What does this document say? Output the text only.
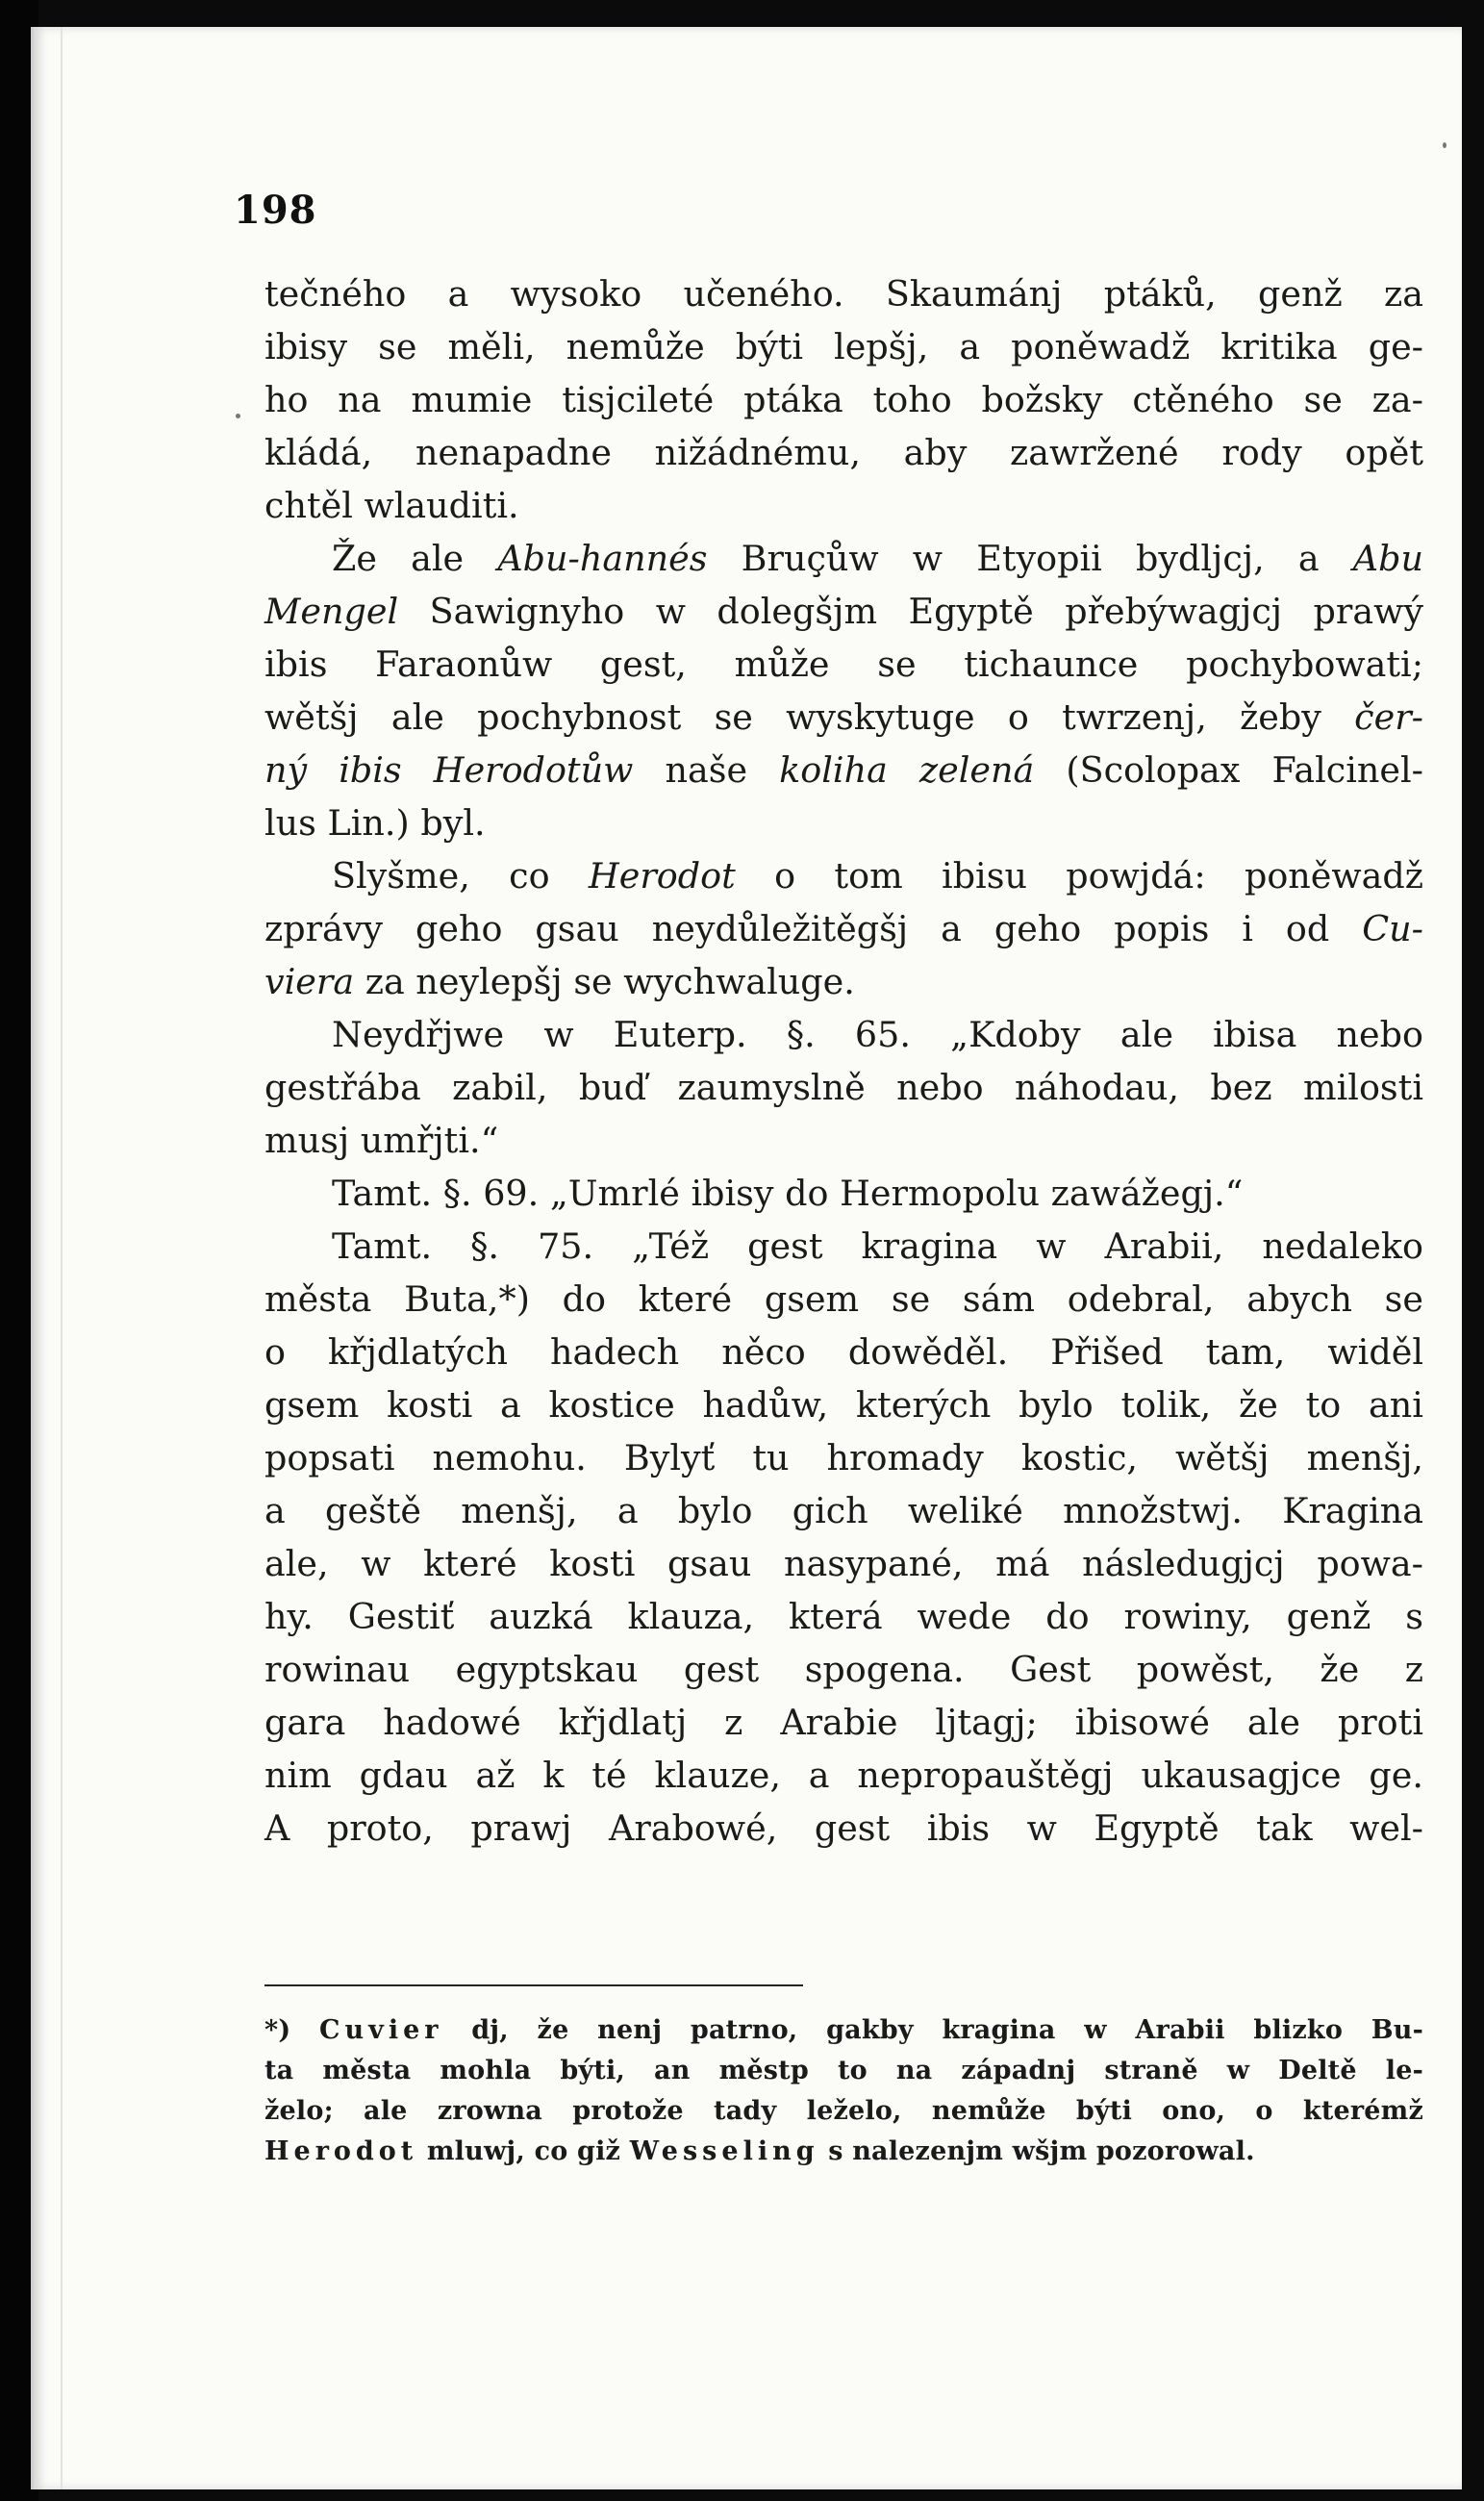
198

tečného a wysoko učeného. Skaumánj ptáků, genž za
ibisy se měli, nemůže býti lepšj, a poněwadž kritika ge-
ho na mumie tisjcileté ptáka toho božsky ctěného se za-
kládá, nenapadne nižádnému, aby zawržené rody opět
chtěl wlauditi.

Že ale Abu-hannés Bruçůw w Etyopii bydljcj, a Abu
Mengel Sawignyho w dolegšjm Egyptě přebýwagjcj prawý
ibis Faraonůw gest, může se tichaunce pochybowati;
wětšj ale pochybnost se wyskytuge o twrzenj, žeby čer-
ný ibis Herodotůw naše koliha zelená (Scolopax Falcinel-
lus Lin.) byl.

Slyšme, co Herodot o tom ibisu powjdá: poněwadž
zprávy geho gsau neydůležitěgšj a geho popis i od Cu-
viera za neylepšj se wychwaluge.

Neydřjwe w Euterp. §. 65. „Kdoby ale ibisa nebo
gestřába zabil, buď zaumyslně nebo náhodau, bez milosti
musj umřjti.“

Tamt. §. 69. „Umrlé ibisy do Hermopolu zawážegj.“

Tamt. §. 75. „Též gest kragina w Arabii, nedaleko
města Buta,*) do které gsem se sám odebral, abych se
o křjdlatých hadech něco dowěděl. Přišed tam, widěl
gsem kosti a kostice hadůw, kterých bylo tolik, že to ani
popsati nemohu. Bylyť tu hromady kostic, wětšj menšj,
a geště menšj, a bylo gich weliké množstwj. Kragina
ale, w které kosti gsau nasypané, má následugjcj powa-
hy. Gestiť auzká klauza, která wede do rowiny, genž s
rowinau egyptskau gest spogena. Gest powěst, že z
gara hadowé křjdlatj z Arabie ljtagj; ibisowé ale proti
nim gdau až k té klauze, a nepropauštěgj ukausagjce ge.
A proto, prawj Arabowé, gest ibis w Egyptě tak wel-

*) Cuvier dj, že nenj patrno, gakby kragina w Arabii blizko Bu-
ta města mohla býti, an městp to na západnj straně w Deltě le-
želo; ale zrowna protože tady leželo, nemůže býti ono, o kterémž
Herodot mluwj, co giž Wesseling s nalezenjm wšjm pozorowal.
